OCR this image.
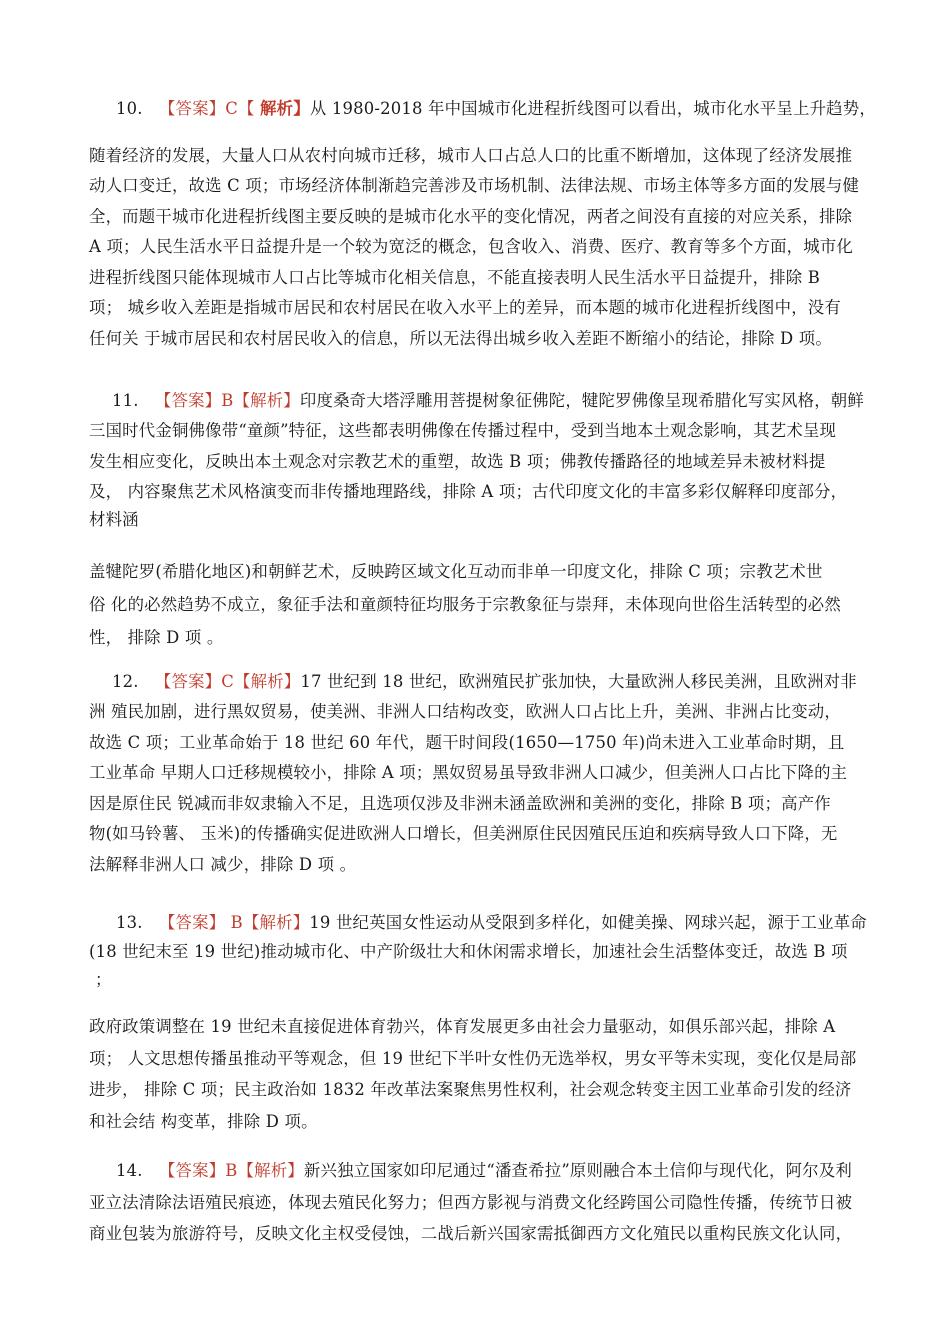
10. 【答案】C【 解析】从 1980-2018 年中国城市化进程折线图可以看出，城市化水平呈上升趋势，
随着经济的发展，大量人口从农村向城市迁移，城市人口占总人口的比重不断增加，这体现了经济发展推
动人口变迁，故选 C 项；市场经济体制渐趋完善涉及市场机制、法律法规、市场主体等多方面的发展与健
全，而题干城市化进程折线图主要反映的是城市化水平的变化情况，两者之间没有直接的对应关系，排除
A 项；人民生活水平日益提升是一个较为宽泛的概念，包含收入、消费、医疗、教育等多个方面，城市化
进程折线图只能体现城市人口占比等城市化相关信息，不能直接表明人民生活水平日益提升，排除 B
项； 城乡收入差距是指城市居民和农村居民在收入水平上的差异，而本题的城市化进程折线图中，没有
任何关 于城市居民和农村居民收入的信息，所以无法得出城乡收入差距不断缩小的结论，排除 D 项。
11. 【答案】B【解析】印度桑奇大塔浮雕用菩提树象征佛陀，犍陀罗佛像呈现希腊化写实风格，朝鲜
三国时代金铜佛像带“童颜”特征，这些都表明佛像在传播过程中，受到当地本土观念影响，其艺术呈现
发生相应变化，反映出本土观念对宗教艺术的重塑，故选 B 项；佛教传播路径的地域差异未被材料提
及， 内容聚焦艺术风格演变而非传播地理路线，排除 A 项；古代印度文化的丰富多彩仅解释印度部分，
材料涵
盖犍陀罗(希腊化地区)和朝鲜艺术，反映跨区域文化互动而非单一印度文化，排除 C 项；宗教艺术世
俗 化的必然趋势不成立，象征手法和童颜特征均服务于宗教象征与崇拜，未体现向世俗生活转型的必然
性， 排除 D 项 。
12. 【答案】C【解析】17 世纪到 18 世纪，欧洲殖民扩张加快，大量欧洲人移民美洲，且欧洲对非
洲 殖民加剧，进行黑奴贸易，使美洲、非洲人口结构改变，欧洲人口占比上升，美洲、非洲占比变动，
故选 C 项；工业革命始于 18 世纪 60 年代，题干时间段(1650—1750 年)尚未进入工业革命时期，且
工业革命 早期人口迁移规模较小，排除 A 项；黑奴贸易虽导致非洲人口减少，但美洲人口占比下降的主
因是原住民 锐减而非奴隶输入不足，且选项仅涉及非洲未涵盖欧洲和美洲的变化，排除 B 项；高产作
物(如马铃薯、 玉米)的传播确实促进欧洲人口增长，但美洲原住民因殖民压迫和疾病导致人口下降，无
法解释非洲人口 减少，排除 D 项 。
13. 【答案】 B【解析】19 世纪英国女性运动从受限到多样化，如健美操、网球兴起，源于工业革命
(18 世纪末至 19 世纪)推动城市化、中产阶级壮大和休闲需求增长，加速社会生活整体变迁，故选 B 项
；
政府政策调整在 19 世纪未直接促进体育勃兴，体育发展更多由社会力量驱动，如俱乐部兴起，排除 A
项； 人文思想传播虽推动平等观念，但 19 世纪下半叶女性仍无选举权，男女平等未实现，变化仅是局部
进步， 排除 C 项；民主政治如 1832 年改革法案聚焦男性权利，社会观念转变主因工业革命引发的经济
和社会结 构变革，排除 D 项。
14. 【答案】B【解析】新兴独立国家如印尼通过“潘查希拉”原则融合本土信仰与现代化，阿尔及利
亚立法清除法语殖民痕迹，体现去殖民化努力；但西方影视与消费文化经跨国公司隐性传播，传统节日被
商业包装为旅游符号，反映文化主权受侵蚀，二战后新兴国家需抵御西方文化殖民以重构民族文化认同，
